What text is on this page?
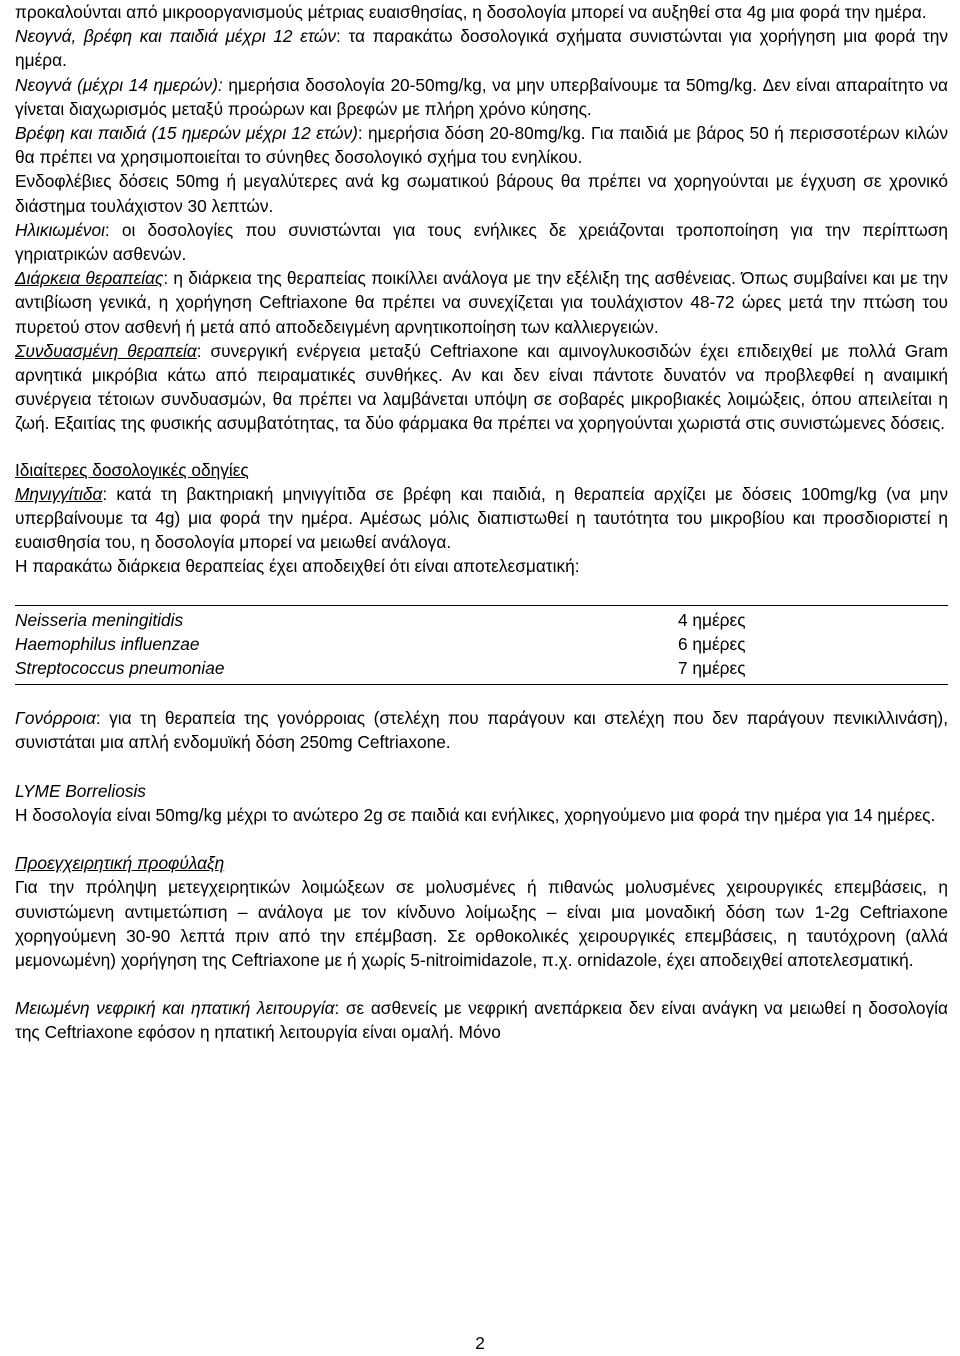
προκαλούνται από μικροοργανισμούς μέτριας ευαισθησίας, η δοσολογία μπορεί να αυξηθεί στα 4g μια φορά την ημέρα.

Νεογνά, βρέφη και παιδιά μέχρι 12 ετών: τα παρακάτω δοσολογικά σχήματα συνιστώνται για χορήγηση μια φορά την ημέρα.

Νεογνά (μέχρι 14 ημερών): ημερήσια δοσολογία 20-50mg/kg, να μην υπερβαίνουμε τα 50mg/kg. Δεν είναι απαραίτητο να γίνεται διαχωρισμός μεταξύ προώρων και βρεφών με πλήρη χρόνο κύησης.

Βρέφη και παιδιά (15 ημερών μέχρι 12 ετών): ημερήσια δόση 20-80mg/kg. Για παιδιά με βάρος 50 ή περισσοτέρων κιλών θα πρέπει να χρησιμοποιείται το σύνηθες δοσολογικό σχήμα του ενηλίκου.

Ενδοφλέβιες δόσεις 50mg ή μεγαλύτερες ανά kg σωματικού βάρους θα πρέπει να χορηγούνται με έγχυση σε χρονικό διάστημα τουλάχιστον 30 λεπτών.

Ηλικιωμένοι: οι δοσολογίες που συνιστώνται για τους ενήλικες δε χρειάζονται τροποποίηση για την περίπτωση γηριατρικών ασθενών.

Διάρκεια θεραπείας: η διάρκεια της θεραπείας ποικίλλει ανάλογα με την εξέλιξη της ασθένειας. Όπως συμβαίνει και με την αντιβίωση γενικά, η χορήγηση Ceftriaxone θα πρέπει να συνεχίζεται για τουλάχιστον 48-72 ώρες μετά την πτώση του πυρετού στον ασθενή ή μετά από αποδεδειγμένη αρνητικοποίηση των καλλιεργειών.

Συνδυασμένη θεραπεία: συνεργική ενέργεια μεταξύ Ceftriaxone και αμινογλυκοσιδών έχει επιδειχθεί με πολλά Gram αρνητικά μικρόβια κάτω από πειραματικές συνθήκες. Αν και δεν είναι πάντοτε δυνατόν να προβλεφθεί η αναιμική συνέργεια τέτοιων συνδυασμών, θα πρέπει να λαμβάνεται υπόψη σε σοβαρές μικροβιακές λοιμώξεις, όπου απειλείται η ζωή. Εξαιτίας της φυσικής ασυμβατότητας, τα δύο φάρμακα θα πρέπει να χορηγούνται χωριστά στις συνιστώμενες δόσεις.

Ιδιαίτερες δοσολογικές οδηγίες

Μηνιγγίτιδα: κατά τη βακτηριακή μηνιγγίτιδα σε βρέφη και παιδιά, η θεραπεία αρχίζει με δόσεις 100mg/kg (να μην υπερβαίνουμε τα 4g) μια φορά την ημέρα. Αμέσως μόλις διαπιστωθεί η ταυτότητα του μικροβίου και προσδιοριστεί η ευαισθησία του, η δοσολογία μπορεί να μειωθεί ανάλογα.

Η παρακάτω διάρκεια θεραπείας έχει αποδειχθεί ότι είναι αποτελεσματική:

Neisseria meningitidis	4 ημέρες
Haemophilus influenzae	6 ημέρες
Streptococcus pneumoniae	7 ημέρες

Γονόρροια: για τη θεραπεία της γονόρροιας (στελέχη που παράγουν και στελέχη που δεν παράγουν πενικιλλινάση), συνιστάται μια απλή ενδομυϊκή δόση 250mg Ceftriaxone.

LYME Borreliosis

Η δοσολογία είναι 50mg/kg μέχρι το ανώτερο 2g σε παιδιά και ενήλικες, χορηγούμενο μια φορά την ημέρα για 14 ημέρες.

Προεγχειρητική προφύλαξη

Για την πρόληψη μετεγχειρητικών λοιμώξεων σε μολυσμένες ή πιθανώς μολυσμένες χειρουργικές επεμβάσεις, η συνιστώμενη αντιμετώπιση – ανάλογα με τον κίνδυνο λοίμωξης – είναι μια μοναδική δόση των 1-2g Ceftriaxone χορηγούμενη 30-90 λεπτά πριν από την επέμβαση. Σε ορθοκολικές χειρουργικές επεμβάσεις, η ταυτόχρονη (αλλά μεμονωμένη) χορήγηση της Ceftriaxone με ή χωρίς 5-nitroimidazole, π.χ. ornidazole, έχει αποδειχθεί αποτελεσματική.

Μειωμένη νεφρική και ηπατική λειτουργία: σε ασθενείς με νεφρική ανεπάρκεια δεν είναι ανάγκη να μειωθεί η δοσολογία της Ceftriaxone εφόσον η ηπατική λειτουργία είναι ομαλή. Μόνο

2
